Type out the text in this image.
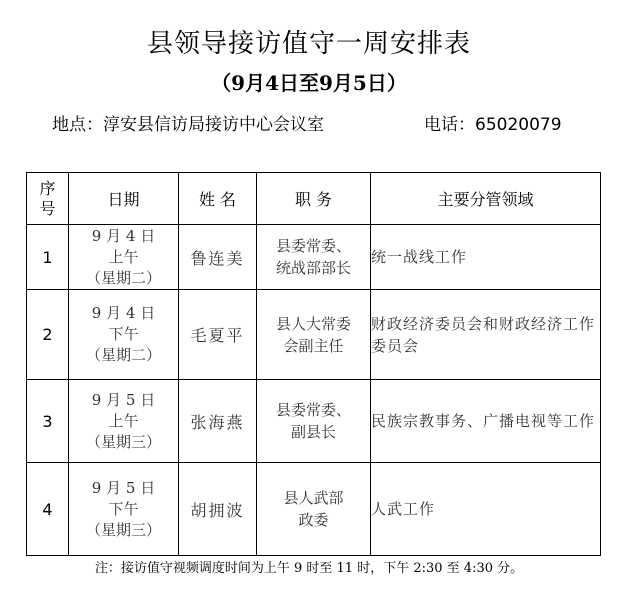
县领导接访值守一周安排表
（9月4日至9月5日）
地点：淳安县信访局接访中心会议室	电话：65020079
序
号	日期	姓 名	职 务	主要分管领域
1	9 月 4 日
上午
（星期二）	鲁连美	县委常委、
统战部部长	统一战线工作
2	9 月 4 日
下午
（星期二）	毛夏平	县人大常委
会副主任	财政经济委员会和财政经济工作委员会
3	9 月 5 日
上午
（星期三）	张海燕	县委常委、
副县长	民族宗教事务、广播电视等工作
4	9 月 5 日
下午
（星期三）	胡拥波	县人武部
政委	人武工作
注：接访值守视频调度时间为上午 9 时至 11 时，下午 2:30 至 4:30 分。
